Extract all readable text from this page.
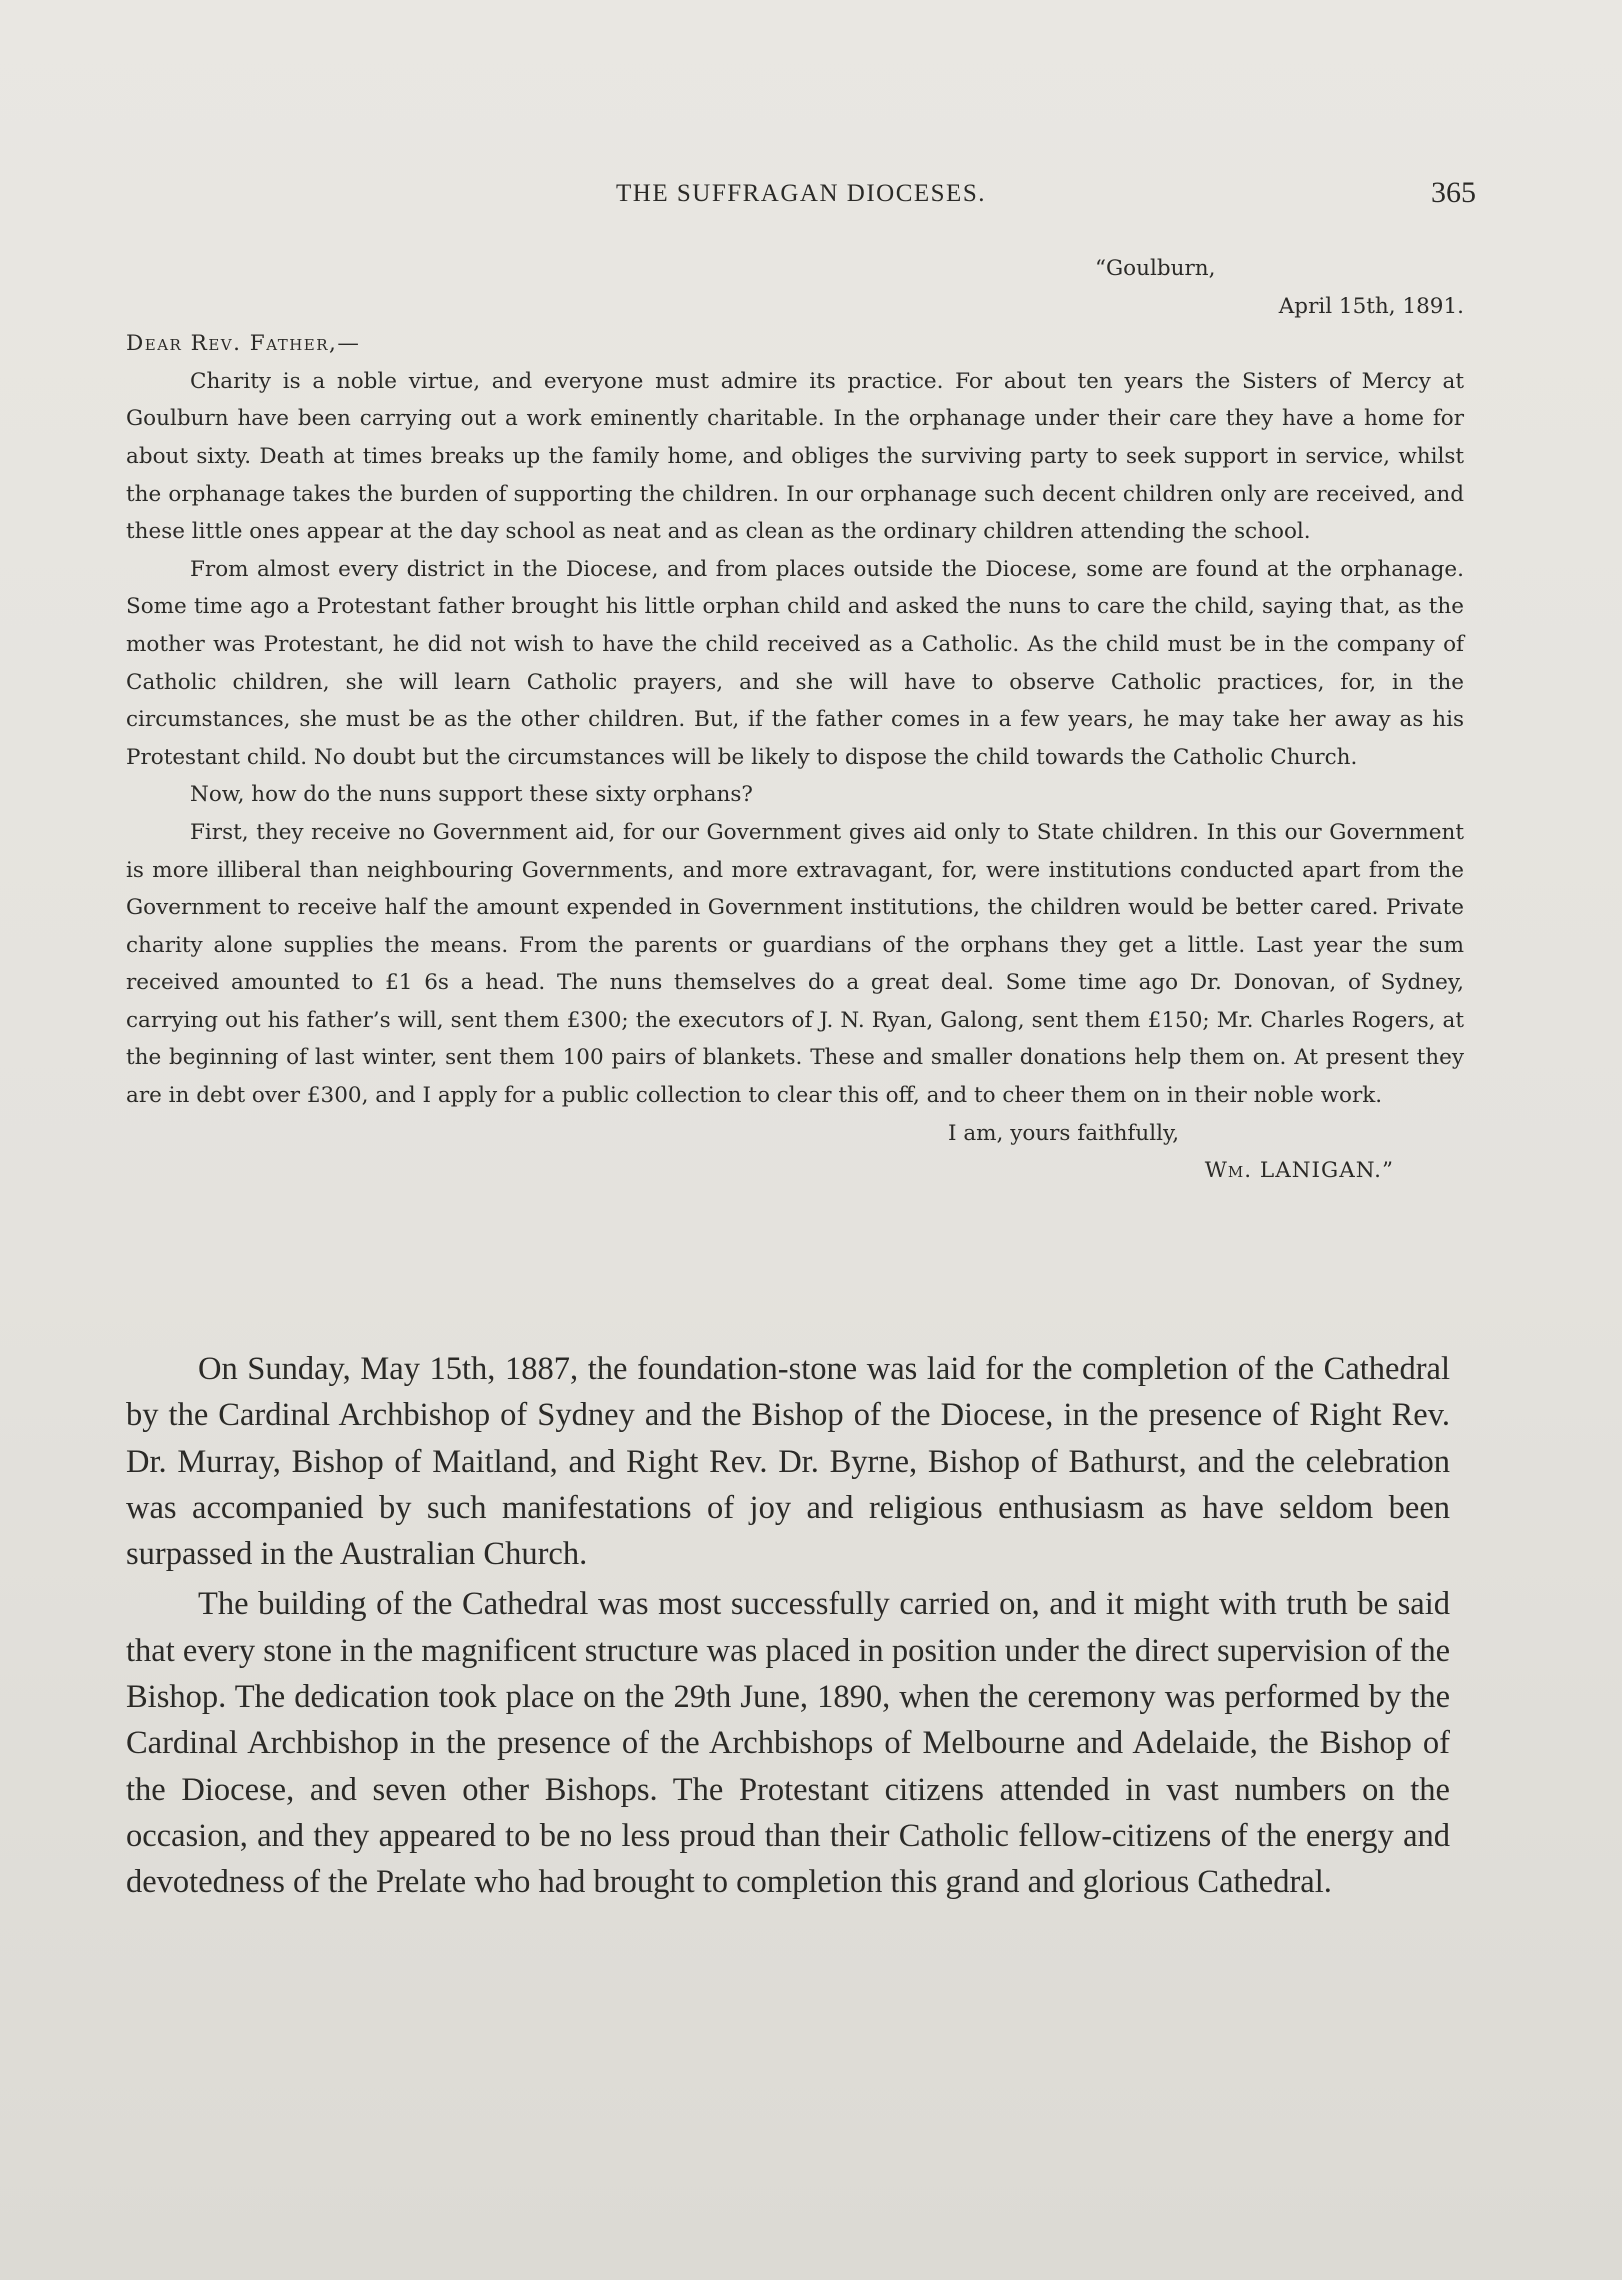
THE SUFFRAGAN DIOCESES.	365

“Goulburn,

April 15th, 1891.

Dear Rev. Father,—

Charity is a noble virtue, and everyone must admire its practice. For about ten years the Sisters of Mercy at Goulburn have been carrying out a work eminently charitable. In the orphanage under their care they have a home for about sixty. Death at times breaks up the family home, and obliges the surviving party to seek support in service, whilst the orphanage takes the burden of supporting the children. In our orphanage such decent children only are received, and these little ones appear at the day school as neat and as clean as the ordinary children attending the school.

From almost every district in the Diocese, and from places outside the Diocese, some are found at the orphanage. Some time ago a Protestant father brought his little orphan child and asked the nuns to care the child, saying that, as the mother was Protestant, he did not wish to have the child received as a Catholic. As the child must be in the company of Catholic children, she will learn Catholic prayers, and she will have to observe Catholic practices, for, in the circumstances, she must be as the other children. But, if the father comes in a few years, he may take her away as his Protestant child. No doubt but the circumstances will be likely to dispose the child towards the Catholic Church.

Now, how do the nuns support these sixty orphans?

First, they receive no Government aid, for our Government gives aid only to State children. In this our Government is more illiberal than neighbouring Governments, and more extravagant, for, were institutions conducted apart from the Government to receive half the amount expended in Government institutions, the children would be better cared. Private charity alone supplies the means. From the parents or guardians of the orphans they get a little. Last year the sum received amounted to £1 6s a head. The nuns themselves do a great deal. Some time ago Dr. Donovan, of Sydney, carrying out his father’s will, sent them £300; the executors of J. N. Ryan, Galong, sent them £150; Mr. Charles Rogers, at the beginning of last winter, sent them 100 pairs of blankets. These and smaller donations help them on. At present they are in debt over £300, and I apply for a public collection to clear this off, and to cheer them on in their noble work.

I am, yours faithfully,

Wm. LANIGAN.”

On Sunday, May 15th, 1887, the foundation-stone was laid for the completion of the Cathedral by the Cardinal Archbishop of Sydney and the Bishop of the Diocese, in the presence of Right Rev. Dr. Murray, Bishop of Maitland, and Right Rev. Dr. Byrne, Bishop of Bathurst, and the celebration was accompanied by such manifestations of joy and religious enthusiasm as have seldom been surpassed in the Australian Church.

The building of the Cathedral was most successfully carried on, and it might with truth be said that every stone in the magnificent structure was placed in position under the direct supervision of the Bishop. The dedication took place on the 29th June, 1890, when the ceremony was performed by the Cardinal Archbishop in the presence of the Archbishops of Melbourne and Adelaide, the Bishop of the Diocese, and seven other Bishops. The Protestant citizens attended in vast numbers on the occasion, and they appeared to be no less proud than their Catholic fellow-citizens of the energy and devotedness of the Prelate who had brought to completion this grand and glorious Cathedral.
